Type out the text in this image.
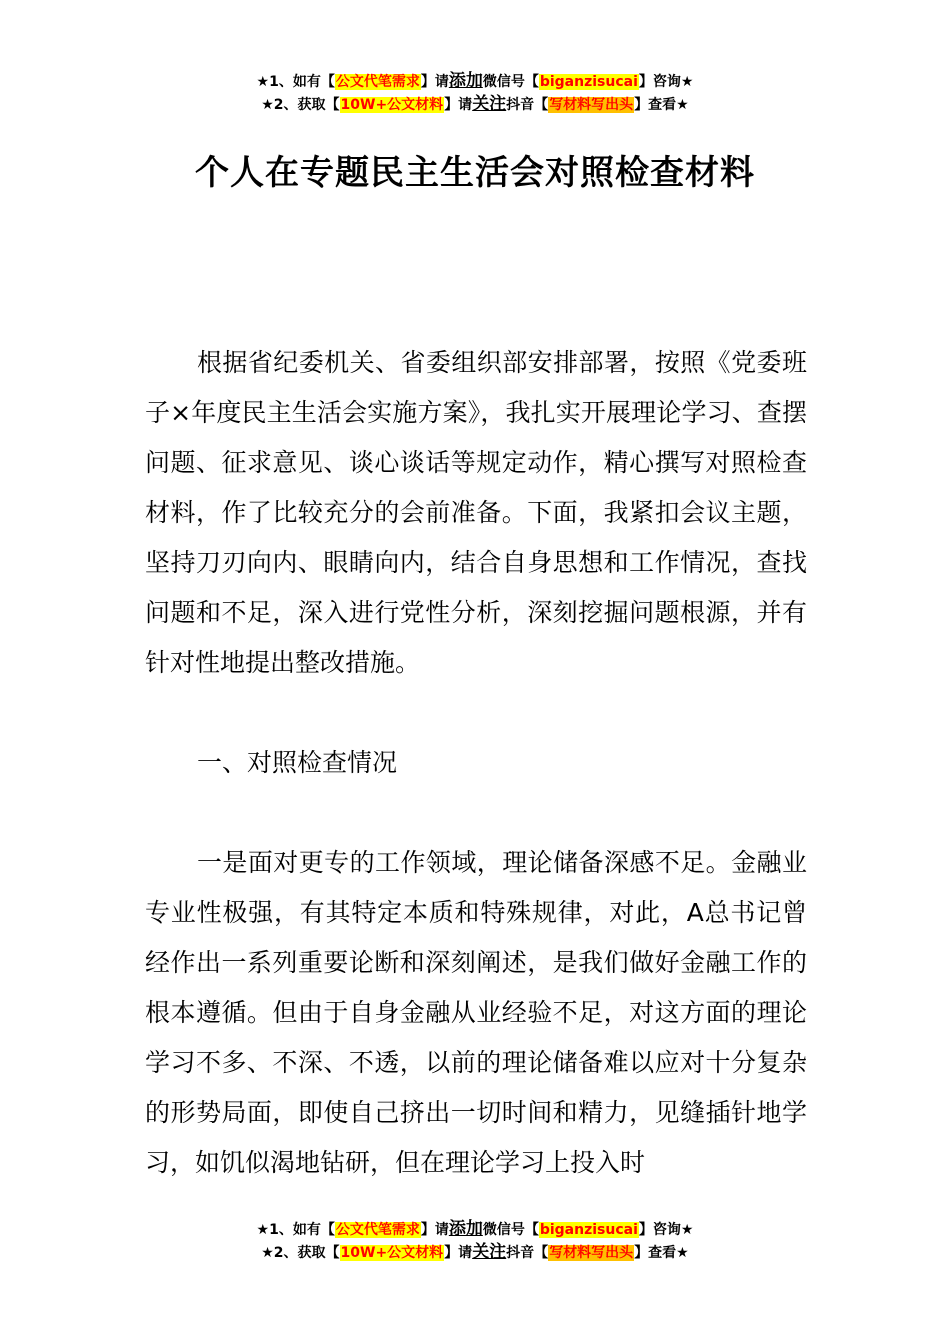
★1、如有【公文代笔需求】请添加微信号【biganzisucai】咨询★
★2、获取【10W+公文材料】请关注抖音【写材料写出头】查看★
个人在专题民主生活会对照检查材料

根据省纪委机关、省委组织部安排部署，按照《党委班子×年度民主生活会实施方案》，我扎实开展理论学习、查摆问题、征求意见、谈心谈话等规定动作，精心撰写对照检查材料，作了比较充分的会前准备。下面，我紧扣会议主题，坚持刀刃向内、眼睛向内，结合自身思想和工作情况，查找问题和不足，深入进行党性分析，深刻挖掘问题根源，并有针对性地提出整改措施。

一、对照检查情况

一是面对更专的工作领域，理论储备深感不足。金融业专业性极强，有其特定本质和特殊规律，对此，A总书记曾经作出一系列重要论断和深刻阐述，是我们做好金融工作的根本遵循。但由于自身金融从业经验不足，对这方面的理论学习不多、不深、不透，以前的理论储备难以应对十分复杂的形势局面，即使自己挤出一切时间和精力，见缝插针地学习，如饥似渴地钻研，但在理论学习上投入时

★1、如有【公文代笔需求】请添加微信号【biganzisucai】咨询★
★2、获取【10W+公文材料】请关注抖音【写材料写出头】查看★
